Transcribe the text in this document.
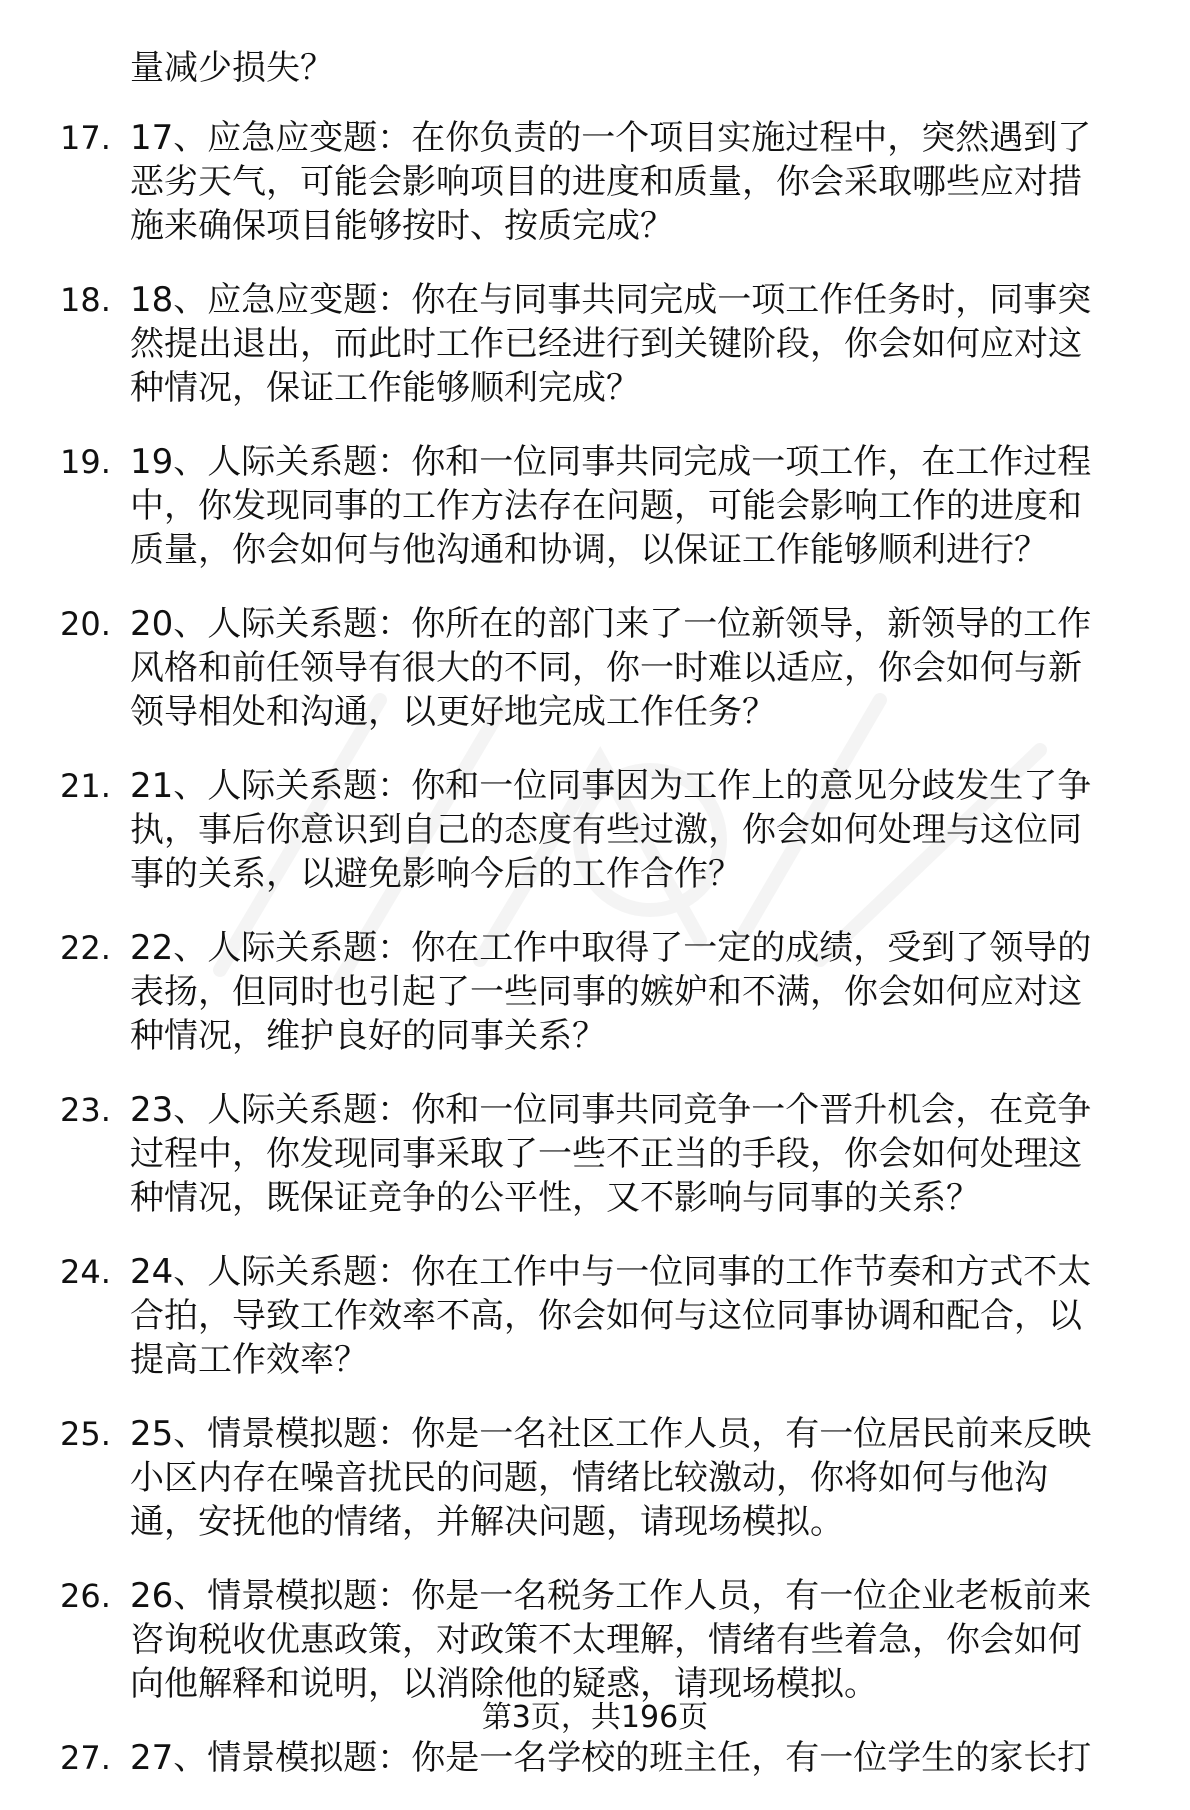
量减少损失？
17. 17、应急应变题：在你负责的一个项目实施过程中，突然遇到了
恶劣天气，可能会影响项目的进度和质量，你会采取哪些应对措
施来确保项目能够按时、按质完成？
18. 18、应急应变题：你在与同事共同完成一项工作任务时，同事突
然提出退出，而此时工作已经进行到关键阶段，你会如何应对这
种情况，保证工作能够顺利完成？
19. 19、人际关系题：你和一位同事共同完成一项工作，在工作过程
中，你发现同事的工作方法存在问题，可能会影响工作的进度和
质量，你会如何与他沟通和协调，以保证工作能够顺利进行？
20. 20、人际关系题：你所在的部门来了一位新领导，新领导的工作
风格和前任领导有很大的不同，你一时难以适应，你会如何与新
领导相处和沟通，以更好地完成工作任务？
21. 21、人际关系题：你和一位同事因为工作上的意见分歧发生了争
执，事后你意识到自己的态度有些过激，你会如何处理与这位同
事的关系，以避免影响今后的工作合作？
22. 22、人际关系题：你在工作中取得了一定的成绩，受到了领导的
表扬，但同时也引起了一些同事的嫉妒和不满，你会如何应对这
种情况，维护良好的同事关系？
23. 23、人际关系题：你和一位同事共同竞争一个晋升机会，在竞争
过程中，你发现同事采取了一些不正当的手段，你会如何处理这
种情况，既保证竞争的公平性，又不影响与同事的关系？
24. 24、人际关系题：你在工作中与一位同事的工作节奏和方式不太
合拍，导致工作效率不高，你会如何与这位同事协调和配合，以
提高工作效率？
25. 25、情景模拟题：你是一名社区工作人员，有一位居民前来反映
小区内存在噪音扰民的问题，情绪比较激动，你将如何与他沟
通，安抚他的情绪，并解决问题，请现场模拟。
26. 26、情景模拟题：你是一名税务工作人员，有一位企业老板前来
咨询税收优惠政策，对政策不太理解，情绪有些着急，你会如何
向他解释和说明，以消除他的疑惑，请现场模拟。
27. 27、情景模拟题：你是一名学校的班主任，有一位学生的家长打
第3页，共196页
